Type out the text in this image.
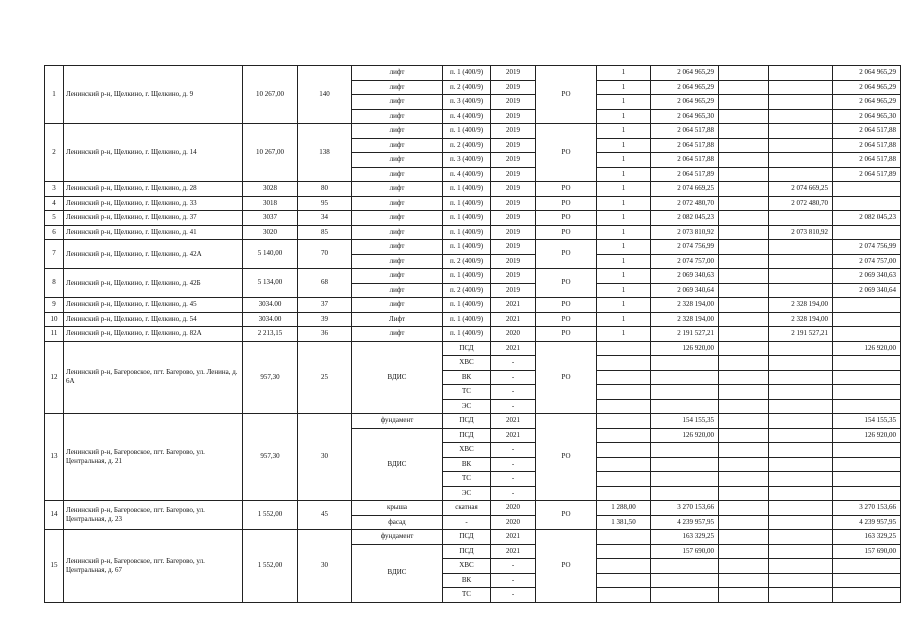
1	Ленинский р-н, Щелкино, г. Щелкино, д. 9	10 267,00	140	лифт	п. 1 (400/9)	2019	РО	1	2 064 965,29			2 064 965,29
				лифт	п. 2 (400/9)	2019		1	2 064 965,29			2 064 965,29
				лифт	п. 3 (400/9)	2019		1	2 064 965,29			2 064 965,29
				лифт	п. 4 (400/9)	2019		1	2 064 965,30			2 064 965,30
2	Ленинский р-н, Щелкино, г. Щелкино, д. 14	10 267,00	138	лифт	п. 1 (400/9)	2019	РО	1	2 064 517,88			2 064 517,88
				лифт	п. 2 (400/9)	2019		1	2 064 517,88			2 064 517,88
				лифт	п. 3 (400/9)	2019		1	2 064 517,88			2 064 517,88
				лифт	п. 4 (400/9)	2019		1	2 064 517,89			2 064 517,89
3	Ленинский р-н, Щелкино, г. Щелкино, д. 28	3028	80	лифт	п. 1 (400/9)	2019	РО	1	2 074 669,25		2 074 669,25	
4	Ленинский р-н, Щелкино, г. Щелкино, д. 33	3018	95	лифт	п. 1 (400/9)	2019	РО	1	2 072 480,70		2 072 480,70	
5	Ленинский р-н, Щелкино, г. Щелкино, д. 37	3037	34	лифт	п. 1 (400/9)	2019	РО	1	2 082 045,23			2 082 045,23
6	Ленинский р-н, Щелкино, г. Щелкино, д. 41	3020	85	лифт	п. 1 (400/9)	2019	РО	1	2 073 810,92		2 073 810,92	
7	Ленинский р-н, Щелкино, г. Щелкино, д. 42А	5 140,00	70	лифт	п. 1 (400/9)	2019	РО	1	2 074 756,99			2 074 756,99
				лифт	п. 2 (400/9)	2019		1	2 074 757,00			2 074 757,00
8	Ленинский р-н, Щелкино, г. Щелкино, д. 42Б	5 134,00	68	лифт	п. 1 (400/9)	2019	РО	1	2 069 340,63			2 069 340,63
				лифт	п. 2 (400/9)	2019		1	2 069 340,64			2 069 340,64
9	Ленинский р-н, Щелкино, г. Щелкино, д. 45	3034.00	37	лифт	п. 1 (400/9)	2021	РО	1	2 328 194,00		2 328 194,00	
10	Ленинский р-н, Щелкино, г. Щелкино, д. 54	3034.00	39	Лифт	п. 1 (400/9)	2021	РО	1	2 328 194,00		2 328 194,00	
11	Ленинский р-н, Щелкино, г. Щелкино, д. 82А	2 213,15	36	лифт	п. 1 (400/9)	2020	РО	1	2 191 527,21		2 191 527,21	
12	Ленинский р-н, Багеровское, пгт. Багерово, ул. Ленина, д. 6А	957,30	25	ВДИС	ПСД	2021	РО		126 920,00			126 920,00
					ХВС	-						
					ВК	-						
					ТС	-						
					ЭС	-						
13	Ленинский р-н, Багеровское, пгт. Багерово, ул. Центральная, д. 21	957,30	30	фундамент	ПСД	2021	РО		154 155,35			154 155,35
				ВДИС	ПСД	2021			126 920,00			126 920,00
					ХВС	-						
					ВК	-						
					ТС	-						
					ЭС	-						
14	Ленинский р-н, Багеровское, пгт. Багерово, ул. Центральная, д. 23	1 552,00	45	крыша	скатная	2020	РО	1 288,00	3 270 153,66			3 270 153,66
				фасад	-	2020		1 381,50	4 239 957,95			4 239 957,95
15	Ленинский р-н, Багеровское, пгт. Багерово, ул. Центральная, д. 67	1 552,00	30	фундамент	ПСД	2021	РО		163 329,25			163 329,25
				ВДИС	ПСД	2021			157 690,00			157 690,00
					ХВС	-						
					ВК	-						
					ТС	-						
